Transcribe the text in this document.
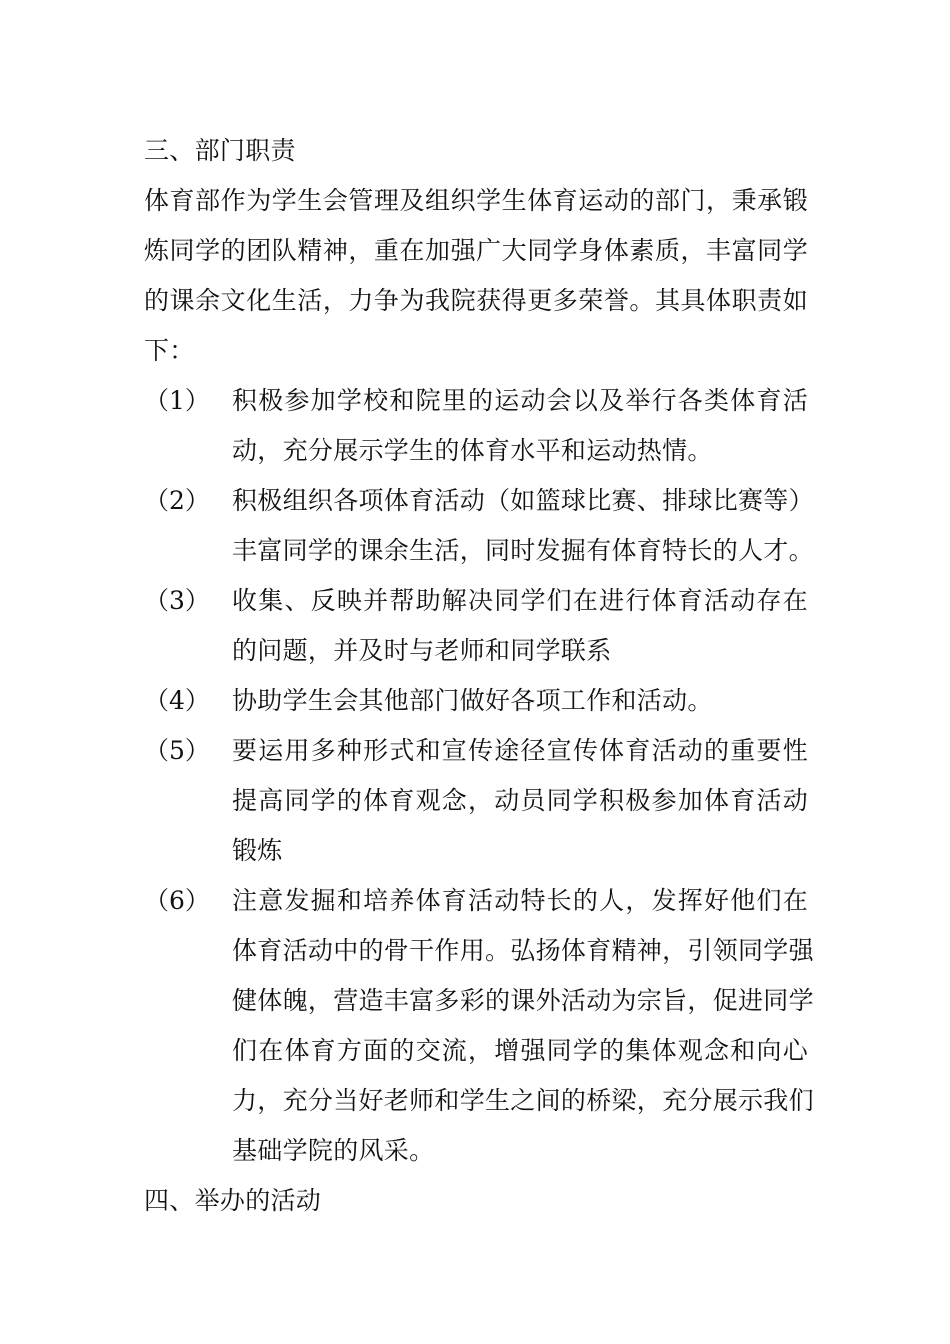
三、部门职责
体育部作为学生会管理及组织学生体育运动的部门，秉承锻
炼同学的团队精神，重在加强广大同学身体素质，丰富同学
的课余文化生活，力争为我院获得更多荣誉。其具体职责如
下：
（1） 积极参加学校和院里的运动会以及举行各类体育活
动，充分展示学生的体育水平和运动热情。
（2） 积极组织各项体育活动（如篮球比赛、排球比赛等）
丰富同学的课余生活，同时发掘有体育特长的人才。
（3） 收集、反映并帮助解决同学们在进行体育活动存在
的问题，并及时与老师和同学联系
（4） 协助学生会其他部门做好各项工作和活动。
（5） 要运用多种形式和宣传途径宣传体育活动的重要性
提高同学的体育观念，动员同学积极参加体育活动
锻炼
（6） 注意发掘和培养体育活动特长的人，发挥好他们在
体育活动中的骨干作用。弘扬体育精神，引领同学强
健体魄，营造丰富多彩的课外活动为宗旨，促进同学
们在体育方面的交流，增强同学的集体观念和向心
力，充分当好老师和学生之间的桥梁，充分展示我们
基础学院的风采。
四、举办的活动
